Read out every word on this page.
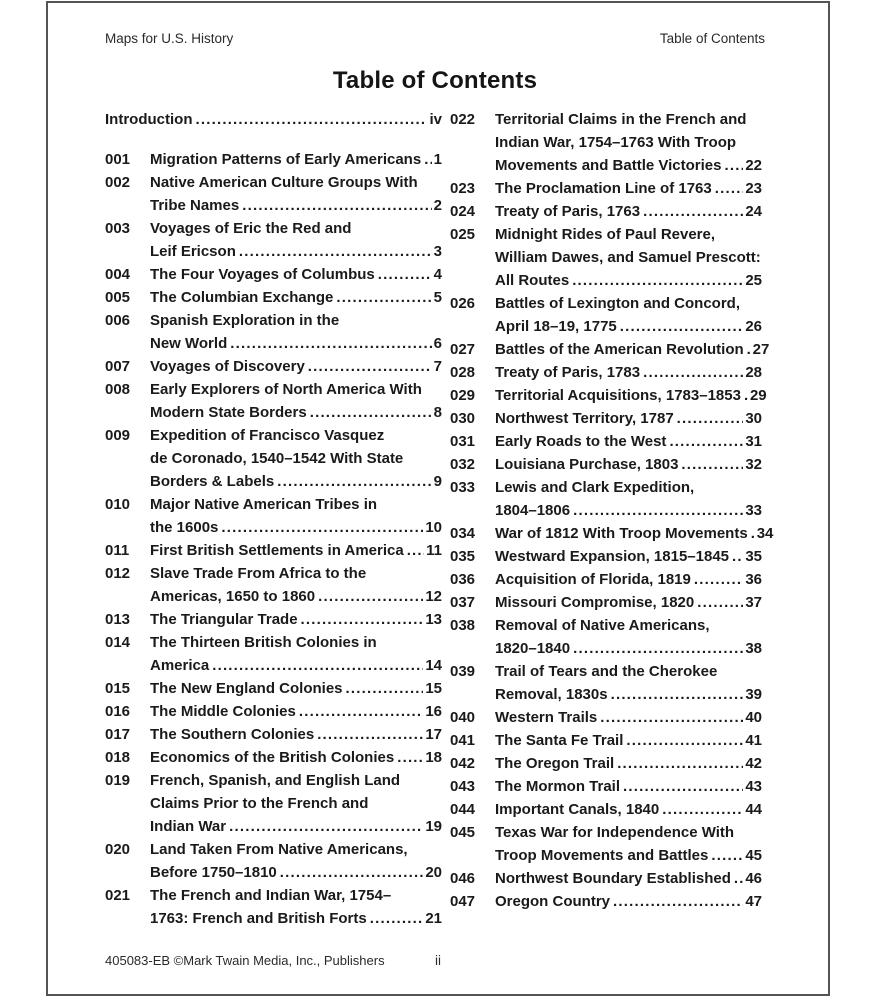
Maps for U.S. History	Table of Contents
Table of Contents
Introduction .....	iv
001	Migration Patterns of Early Americans ..... 1
002	Native American Culture Groups With
Tribe Names .....	2
003	Voyages of Eric the Red and
Leif Ericson .....	3
004	The Four Voyages of Columbus .....	4
005	The Columbian Exchange .....	5
006	Spanish Exploration in the
New World .....	6
007	Voyages of Discovery .....	7
008	Early Explorers of North America With
Modern State Borders .....	8
009	Expedition of Francisco Vasquez
de Coronado, 1540–1542 With State
Borders & Labels .....	9
010	Major Native American Tribes in
the 1600s .....	10
011	First British Settlements in America ..... 11
012	Slave Trade From Africa to the
Americas, 1650 to 1860 .....	12
013	The Triangular Trade .....	13
014	The Thirteen British Colonies in
America .....	14
015	The New England Colonies .....	15
016	The Middle Colonies .....	16
017	The Southern Colonies .....	17
018	Economics of the British Colonies ..... 18
019	French, Spanish, and English Land
Claims Prior to the French and
Indian War .....	19
020	Land Taken From Native Americans,
Before 1750–1810 .....	20
021	The French and Indian War, 1754–
1763: French and British Forts .....	21
022	Territorial Claims in the French and
Indian War, 1754–1763 With Troop
Movements and Battle Victories ..... 22
023	The Proclamation Line of 1763 ..... 23
024	Treaty of Paris, 1763 .....	24
025	Midnight Rides of Paul Revere,
William Dawes, and Samuel Prescott:
All Routes .....	25
026	Battles of Lexington and Concord,
April 18–19, 1775 .....	26
027	Battles of the American Revolution ..... 27
028	Treaty of Paris, 1783 .....	28
029	Territorial Acquisitions, 1783–1853 ..... 29
030	Northwest Territory, 1787 .....	30
031	Early Roads to the West .....	31
032	Louisiana Purchase, 1803 .....	32
033	Lewis and Clark Expedition,
1804–1806 .....	33
034	War of 1812 With Troop Movements ..... 34
035	Westward Expansion, 1815–1845 ..... 35
036	Acquisition of Florida, 1819 .....	36
037	Missouri Compromise, 1820 .....	37
038	Removal of Native Americans,
1820–1840 .....	38
039	Trail of Tears and the Cherokee
Removal, 1830s .....	39
040	Western Trails .....	40
041	The Santa Fe Trail .....	41
042	The Oregon Trail .....	42
043	The Mormon Trail .....	43
044	Important Canals, 1840 .....	44
045	Texas War for Independence With
Troop Movements and Battles ..... 45
046	Northwest Boundary Established ..... 46
047	Oregon Country .....	47
405083-EB ©Mark Twain Media, Inc., Publishers	ii
